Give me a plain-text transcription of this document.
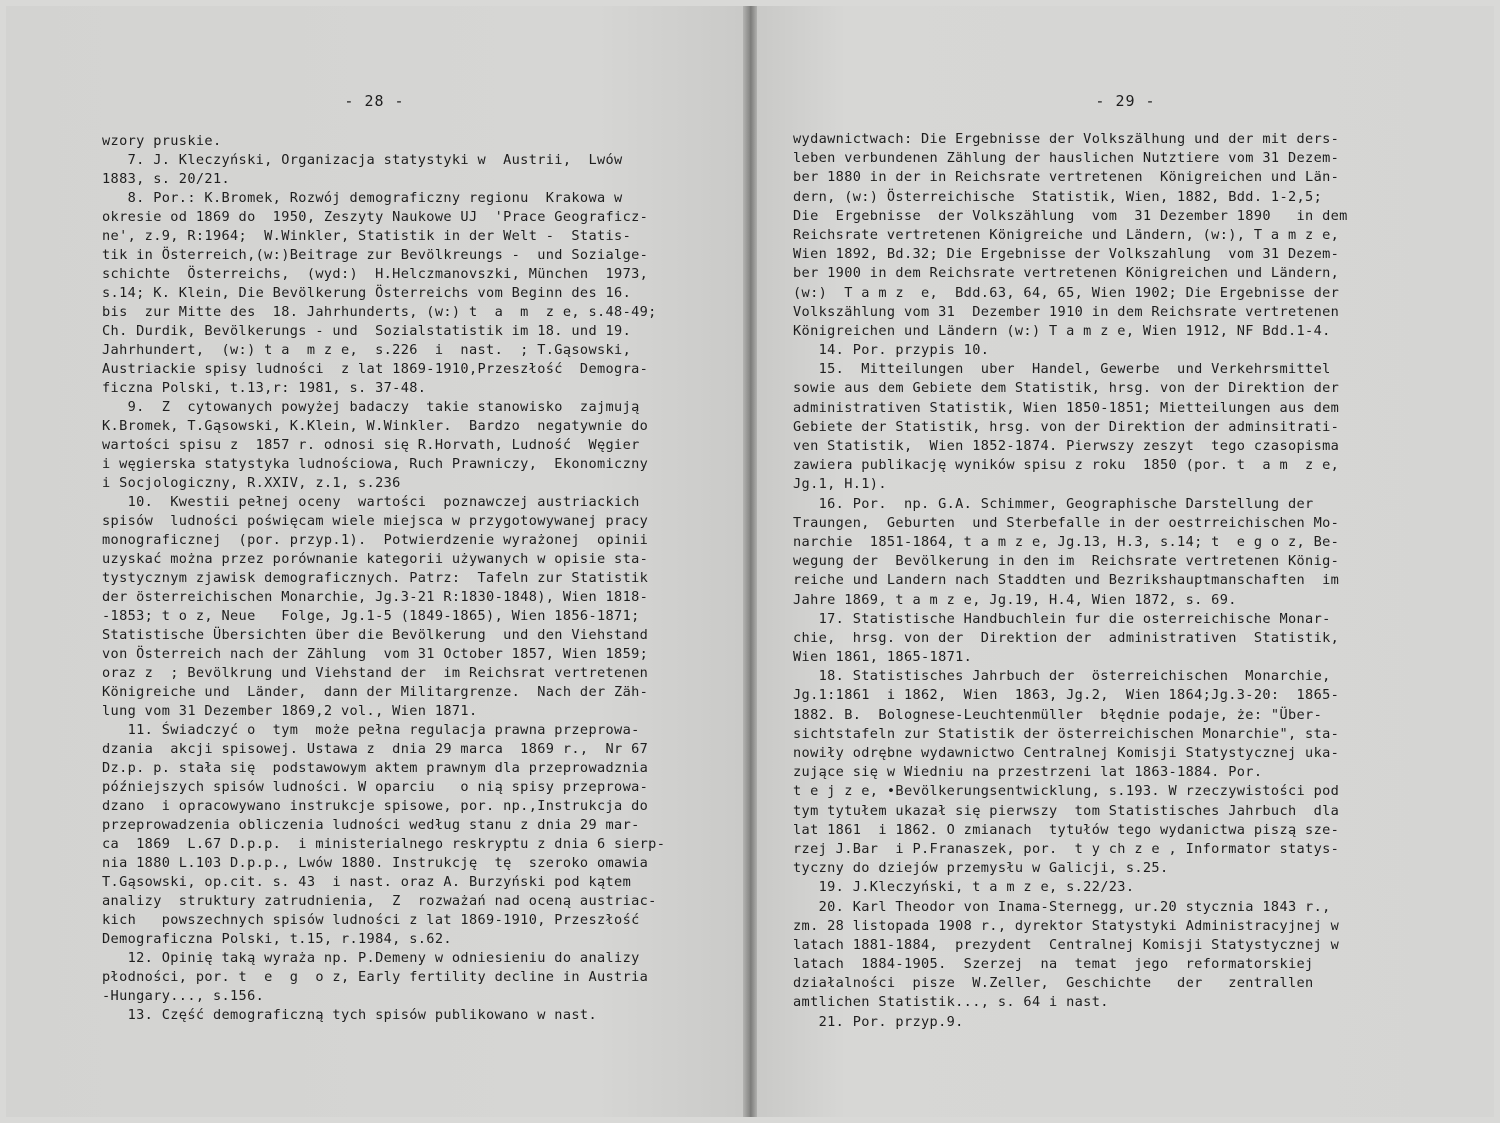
- 28 -
wzory pruskie.
7. J. Kleczyński, Organizacja statystyki w  Austrii,  Lwów
1883, s. 20/21.
8. Por.: K.Bromek, Rozwój demograficzny regionu  Krakowa w
okresie od 1869 do  1950, Zeszyty Naukowe UJ  'Prace Geograficz-
ne', z.9, R:1964;  W.Winkler, Statistik in der Welt -  Statis-
tik in Österreich,(w:)Beitrage zur Bevölkreungs -  und Sozialge-
schichte  Österreichs,  (wyd:)  H.Helczmanovszki, München  1973,
s.14; K. Klein, Die Bevölkerung Österreichs vom Beginn des 16.
bis  zur Mitte des  18. Jahrhunderts, (w:) t  a  m  z e, s.48-49;
Ch. Durdik, Bevölkerungs - und  Sozialstatistik im 18. und 19.
Jahrhundert,  (w:) t a  m z e,  s.226  i  nast.  ; T.Gąsowski,
Austriackie spisy ludności  z lat 1869-1910,Przeszłość  Demogra-
ficzna Polski, t.13,r: 1981, s. 37-48.
9.  Z  cytowanych powyżej badaczy  takie stanowisko  zajmują
K.Bromek, T.Gąsowski, K.Klein, W.Winkler.  Bardzo  negatywnie do
wartości spisu z  1857 r. odnosi się R.Horvath, Ludność  Węgier
i węgierska statystyka ludnościowa, Ruch Prawniczy,  Ekonomiczny
i Socjologiczny, R.XXIV, z.1, s.236
10.  Kwestii pełnej oceny  wartości  poznawczej austriackich
spisów  ludności poświęcam wiele miejsca w przygotowywanej pracy
monograficznej  (por. przyp.1).  Potwierdzenie wyrażonej  opinii
uzyskać można przez porównanie kategorii używanych w opisie sta-
tystycznym zjawisk demograficznych. Patrz:  Tafeln zur Statistik
der österreichischen Monarchie, Jg.3-21 R:1830-1848), Wien 1818-
-1853; t o z, Neue   Folge, Jg.1-5 (1849-1865), Wien 1856-1871;
Statistische Übersichten über die Bevölkerung  und den Viehstand
von Österreich nach der Zählung  vom 31 October 1857, Wien 1859;
oraz z  ; Bevölkrung und Viehstand der  im Reichsrat vertretenen
Königreiche und  Länder,  dann der Militargrenze.  Nach der Zäh-
lung vom 31 Dezember 1869,2 vol., Wien 1871.
11. Świadczyć o  tym  może pełna regulacja prawna przeprowa-
dzania  akcji spisowej. Ustawa z  dnia 29 marca  1869 r.,  Nr 67
Dz.p. p. stała się  podstawowym aktem prawnym dla przeprowadznia
późniejszych spisów ludności. W oparciu   o nią spisy przeprowa-
dzano  i opracowywano instrukcje spisowe, por. np.,Instrukcja do
przeprowadzenia obliczenia ludności według stanu z dnia 29 mar-
ca  1869  L.67 D.p.p.  i ministerialnego reskryptu z dnia 6 sierp-
nia 1880 L.103 D.p.p., Lwów 1880. Instrukcję  tę  szeroko omawia
T.Gąsowski, op.cit. s. 43  i nast. oraz A. Burzyński pod kątem
analizy  struktury zatrudnienia,  Z  rozważań nad oceną austriac-
kich   powszechnych spisów ludności z lat 1869-1910, Przeszłość
Demograficzna Polski, t.15, r.1984, s.62.
12. Opinię taką wyraża np. P.Demeny w odniesieniu do analizy
płodności, por. t  e  g  o z, Early fertility decline in Austria
-Hungary..., s.156.
13. Część demograficzną tych spisów publikowano w nast.
- 29 -
wydawnictwach: Die Ergebnisse der Volkszälhung und der mit ders-
leben verbundenen Zählung der hauslichen Nutztiere vom 31 Dezem-
ber 1880 in der in Reichsrate vertretenen  Königreichen und Län-
dern, (w:) Österreichische  Statistik, Wien, 1882, Bdd. 1-2,5;
Die  Ergebnisse  der Volkszählung  vom  31 Dezember 1890   in dem
Reichsrate vertretenen Königreiche und Ländern, (w:), T a m z e,
Wien 1892, Bd.32; Die Ergebnisse der Volkszahlung  vom 31 Dezem-
ber 1900 in dem Reichsrate vertretenen Königreichen und Ländern,
(w:)  T a m z  e,  Bdd.63, 64, 65, Wien 1902; Die Ergebnisse der
Volkszählung vom 31  Dezember 1910 in dem Reichsrate vertretenen
Königreichen und Ländern (w:) T a m z e, Wien 1912, NF Bdd.1-4.
14. Por. przypis 10.
15.  Mitteilungen  uber  Handel, Gewerbe  und Verkehrsmittel
sowie aus dem Gebiete dem Statistik, hrsg. von der Direktion der
administrativen Statistik, Wien 1850-1851; Mietteilungen aus dem
Gebiete der Statistik, hrsg. von der Direktion der adminsitrati-
ven Statistik,  Wien 1852-1874. Pierwszy zeszyt  tego czasopisma
zawiera publikację wyników spisu z roku  1850 (por. t  a m  z e,
Jg.1, H.1).
16. Por.  np. G.A. Schimmer, Geographische Darstellung der
Traungen,  Geburten  und Sterbefalle in der oestrreichischen Mo-
narchie  1851-1864, t a m z e, Jg.13, H.3, s.14; t  e g o z, Be-
wegung der  Bevölkerung in den im  Reichsrate vertretenen König-
reiche und Landern nach Staddten und Bezrikshauptmanschaften  im
Jahre 1869, t a m z e, Jg.19, H.4, Wien 1872, s. 69.
17. Statistische Handbuchlein fur die osterreichische Monar-
chie,  hrsg. von der  Direktion der  administrativen  Statistik,
Wien 1861, 1865-1871.
18. Statistisches Jahrbuch der  österreichischen  Monarchie,
Jg.1:1861  i 1862,  Wien  1863, Jg.2,  Wien 1864;Jg.3-20:  1865-
1882. B.  Bolognese-Leuchtenmüller  błędnie podaje, że: "Über-
sichtstafeln zur Statistik der österreichischen Monarchie", sta-
nowiły odrębne wydawnictwo Centralnej Komisji Statystycznej uka-
zujące się w Wiedniu na przestrzeni lat 1863-1884. Por.
t e j z e, •Bevölkerungsentwicklung, s.193. W rzeczywistości pod
tym tytułem ukazał się pierwszy  tom Statistisches Jahrbuch  dla
lat 1861  i 1862. O zmianach  tytułów tego wydanictwa piszą sze-
rzej J.Bar  i P.Franaszek, por.  t y ch z e , Informator statys-
tyczny do dziejów przemysłu w Galicji, s.25.
19. J.Kleczyński, t a m z e, s.22/23.
20. Karl Theodor von Inama-Sternegg, ur.20 stycznia 1843 r.,
zm. 28 listopada 1908 r., dyrektor Statystyki Administracyjnej w
latach 1881-1884,  prezydent  Centralnej Komisji Statystycznej w
latach  1884-1905.  Szerzej  na  temat  jego  reformatorskiej
działalności  pisze  W.Zeller,  Geschichte   der   zentrallen
amtlichen Statistik..., s. 64 i nast.
21. Por. przyp.9.
